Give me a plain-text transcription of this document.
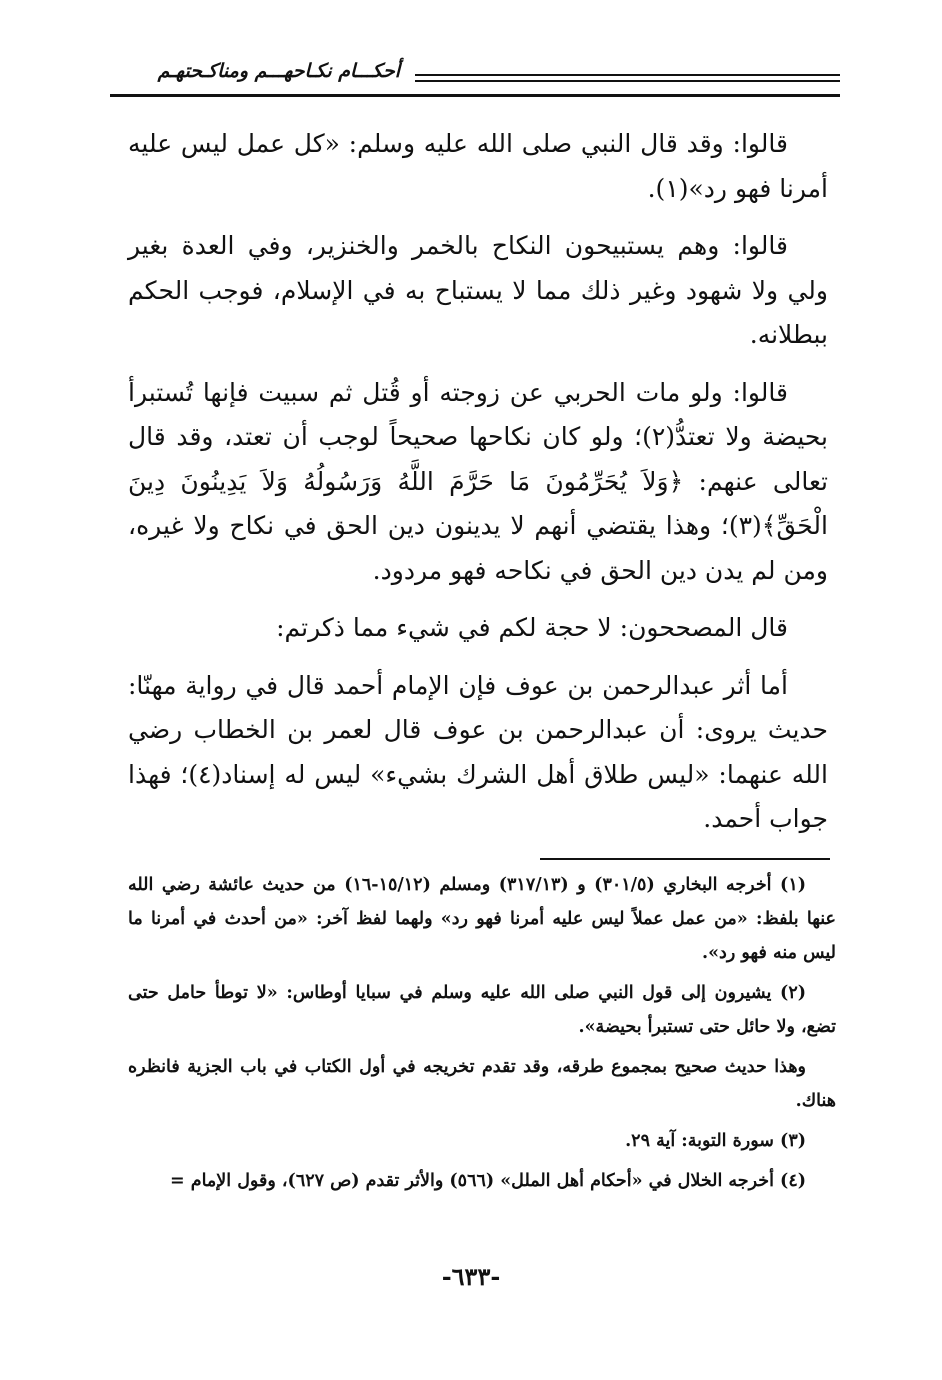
أحكـــام نكـاحهـــم ومناكـحتهـم

قالوا: وقد قال النبي صلى الله عليه وسلم: «كل عمل ليس عليه أمرنا فهو رد»(١).

قالوا: وهم يستبيحون النكاح بالخمر والخنزير، وفي العدة بغير ولي ولا شهود وغير ذلك مما لا يستباح به في الإسلام، فوجب الحكم ببطلانه.

قالوا: ولو مات الحربي عن زوجته أو قُتل ثم سبيت فإنها تُستبرأ بحيضة ولا تعتدُّ(٢)؛ ولو كان نكاحها صحيحاً لوجب أن تعتد، وقد قال تعالى عنهم: ﴿وَلاَ يُحَرِّمُونَ مَا حَرَّمَ اللَّهُ وَرَسُولُهُ وَلاَ يَدِينُونَ دِينَ الْحَقِّ﴾(٣)؛ وهذا يقتضي أنهم لا يدينون دين الحق في نكاح ولا غيره، ومن لم يدن دين الحق في نكاحه فهو مردود.

قال المصححون: لا حجة لكم في شيء مما ذكرتم:

أما أثر عبدالرحمن بن عوف فإن الإمام أحمد قال في رواية مهنّا: حديث يروى: أن عبدالرحمن بن عوف قال لعمر بن الخطاب رضي الله عنهما: «ليس طلاق أهل الشرك بشيء» ليس له إسناد(٤)؛ فهذا جواب أحمد.

(١) أخرجه البخاري (٣٠١/٥) و (٣١٧/١٣) ومسلم (١٥/١٢-١٦) من حديث عائشة رضي الله عنها بلفظ: «من عمل عملاً ليس عليه أمرنا فهو رد» ولهما لفظ آخر: «من أحدث في أمرنا ما ليس منه فهو رد».

(٢) يشيرون إلى قول النبي صلى الله عليه وسلم في سبايا أوطاس: «لا توطأ حامل حتى تضع، ولا حائل حتى تستبرأ بحيضة».

وهذا حديث صحيح بمجموع طرقه، وقد تقدم تخريجه في أول الكتاب في باب الجزية فانظره هناك.

(٣) سورة التوبة: آية ٢٩.

(٤) أخرجه الخلال في «أحكام أهل الملل» (٥٦٦) والأثر تقدم (ص ٦٢٧)، وقول الإمام =

-٦٣٣-
